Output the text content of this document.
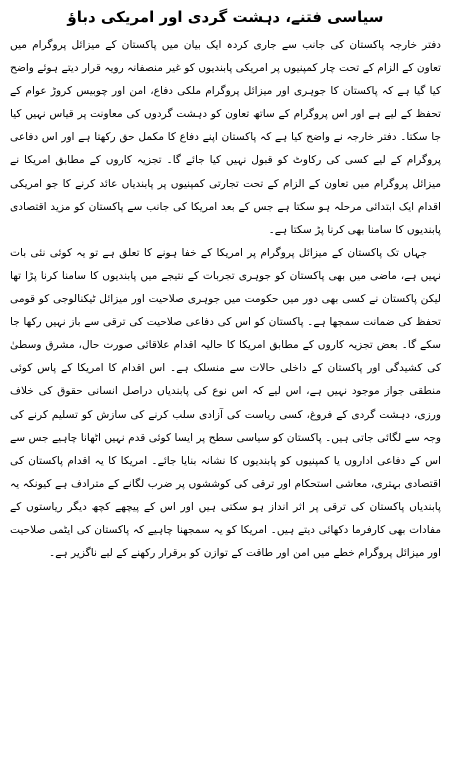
سیاسی فتنے، دہشت گردی اور امریکی دباؤ

دفتر خارجہ پاکستان کی جانب سے جاری کردہ ایک بیان میں پاکستان کے میزائل پروگرام میں تعاون کے الزام کے تحت چار کمپنیوں پر امریکی پابندیوں کو غیر منصفانہ رویہ قرار دیتے ہوئے واضح کیا گیا ہے کہ پاکستان کا جوہری اور میزائل پروگرام ملکی دفاع، امن اور چوبیس کروڑ عوام کے تحفظ کے لیے ہے اور اس پروگرام کے ساتھ تعاون کو دہشت گردوں کی معاونت پر قیاس نہیں کیا جا سکتا۔ دفتر خارجہ نے واضح کیا ہے کہ پاکستان اپنے دفاع کا مکمل حق رکھتا ہے اور اس دفاعی پروگرام کے لیے کسی کی رکاوٹ کو قبول نہیں کیا جائے گا۔ تجزیہ کاروں کے مطابق امریکا نے میزائل پروگرام میں تعاون کے الزام کے تحت تجارتی کمپنیوں پر پابندیاں عائد کرنے کا جو امریکی اقدام ایک ابتدائی مرحلہ ہو سکتا ہے جس کے بعد امریکا کی جانب سے پاکستان کو مزید اقتصادی پابندیوں کا سامنا بھی کرنا پڑ سکتا ہے۔

جہاں تک پاکستان کے میزائل پروگرام پر امریکا کے خفا ہونے کا تعلق ہے تو یہ کوئی نئی بات نہیں ہے، ماضی میں بھی پاکستان کو جوہری تجربات کے نتیجے میں پابندیوں کا سامنا کرنا پڑا تھا لیکن پاکستان نے کسی بھی دور میں حکومت میں جوہری صلاحیت اور میزائل ٹیکنالوجی کو قومی تحفظ کی ضمانت سمجھا ہے۔ پاکستان کو اس کی دفاعی صلاحیت کی ترقی سے باز نہیں رکھا جا سکے گا۔ بعض تجزیہ کاروں کے مطابق امریکا کا حالیہ اقدام علاقائی صورت حال، مشرق وسطیٰ کی کشیدگی اور پاکستان کے داخلی حالات سے منسلک ہے۔ اس اقدام کا امریکا کے پاس کوئی منطقی جواز موجود نہیں ہے، اس لیے کہ اس نوع کی پابندیاں دراصل انسانی حقوق کی خلاف ورزی، دہشت گردی کے فروغ، کسی ریاست کی آزادی سلب کرنے کی سازش کو تسلیم کرنے کی وجہ سے لگائی جاتی ہیں۔ پاکستان کو سیاسی سطح پر ایسا کوئی قدم نہیں اٹھانا چاہیے جس سے اس کے دفاعی اداروں یا کمپنیوں کو پابندیوں کا نشانہ بنایا جائے۔ امریکا کا یہ اقدام پاکستان کی اقتصادی بہتری، معاشی استحکام اور ترقی کی کوششوں پر ضرب لگانے کے مترادف ہے کیونکہ یہ پابندیاں پاکستان کی ترقی پر اثر انداز ہو سکتی ہیں اور اس کے پیچھے کچھ دیگر ریاستوں کے مفادات بھی کارفرما دکھائی دیتے ہیں۔ امریکا کو یہ سمجھنا چاہیے کہ پاکستان کی ایٹمی صلاحیت اور میزائل پروگرام خطے میں امن اور طاقت کے توازن کو برقرار رکھنے کے لیے ناگزیر ہے۔
